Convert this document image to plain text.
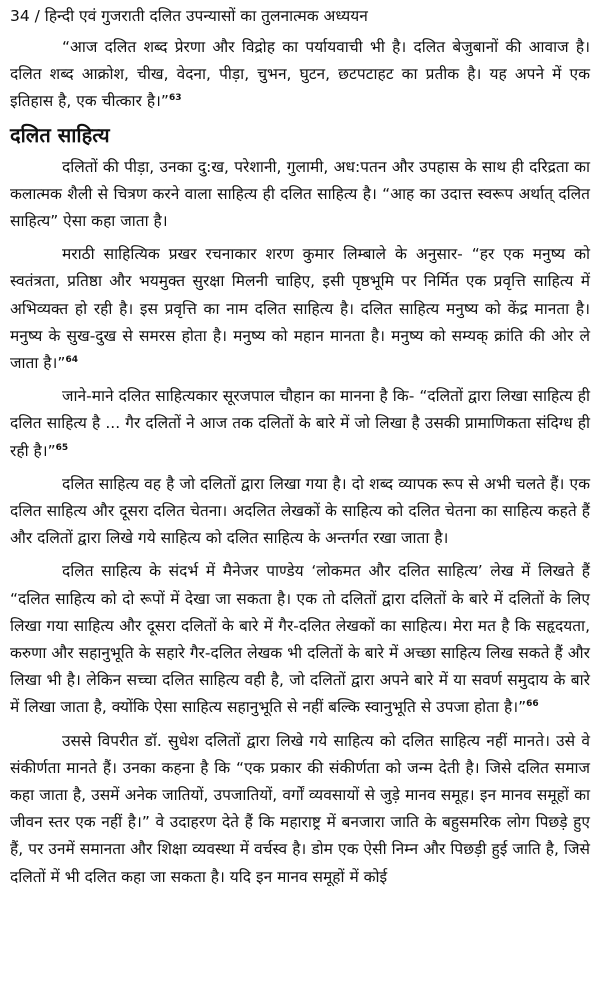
34 / हिन्दी एवं गुजराती दलित उपन्यासों का तुलनात्मक अध्ययन

“आज दलित शब्द प्रेरणा और विद्रोह का पर्यायवाची भी है। दलित बेजुबानों की आवाज है। दलित शब्द आक्रोश, चीख, वेदना, पीड़ा, चुभन, घुटन, छटपटाहट का प्रतीक है। यह अपने में एक इतिहास है, एक चीत्कार है।”$^{63}$

दलित साहित्य

दलितों की पीड़ा, उनका दु:ख, परेशानी, गुलामी, अध:पतन और उपहास के साथ ही दरिद्रता का कलात्मक शैली से चित्रण करने वाला साहित्य ही दलित साहित्य है। “आह का उदात्त स्वरूप अर्थात् दलित साहित्य” ऐसा कहा जाता है।

मराठी साहित्यिक प्रखर रचनाकार शरण कुमार लिम्बाले के अनुसार- “हर एक मनुष्य को स्वतंत्रता, प्रतिष्ठा और भयमुक्त सुरक्षा मिलनी चाहिए, इसी पृष्ठभूमि पर निर्मित एक प्रवृत्ति साहित्य में अभिव्यक्त हो रही है। इस प्रवृत्ति का नाम दलित साहित्य है। दलित साहित्य मनुष्य को केंद्र मानता है। मनुष्य के सुख-दुख से समरस होता है। मनुष्य को महान मानता है। मनुष्य को सम्यक् क्रांति की ओर ले जाता है।”$^{64}$

जाने-माने दलित साहित्यकार सूरजपाल चौहान का मानना है कि- “दलितों द्वारा लिखा साहित्य ही दलित साहित्य है ... गैर दलितों ने आज तक दलितों के बारे में जो लिखा है उसकी प्रामाणिकता संदिग्ध ही रही है।”$^{65}$

दलित साहित्य वह है जो दलितों द्वारा लिखा गया है। दो शब्द व्यापक रूप से अभी चलते हैं। एक दलित साहित्य और दूसरा दलित चेतना। अदलित लेखकों के साहित्य को दलित चेतना का साहित्य कहते हैं और दलितों द्वारा लिखे गये साहित्य को दलित साहित्य के अन्तर्गत रखा जाता है।

दलित साहित्य के संदर्भ में मैनेजर पाण्डेय ‘लोकमत और दलित साहित्य’ लेख में लिखते हैं “दलित साहित्य को दो रूपों में देखा जा सकता है। एक तो दलितों द्वारा दलितों के बारे में दलितों के लिए लिखा गया साहित्य और दूसरा दलितों के बारे में गैर-दलित लेखकों का साहित्य। मेरा मत है कि सहृदयता, करुणा और सहानुभूति के सहारे गैर-दलित लेखक भी दलितों के बारे में अच्छा साहित्य लिख सकते हैं और लिखा भी है। लेकिन सच्चा दलित साहित्य वही है, जो दलितों द्वारा अपने बारे में या सवर्ण समुदाय के बारे में लिखा जाता है, क्योंकि ऐसा साहित्य सहानुभूति से नहीं बल्कि स्वानुभूति से उपजा होता है।”$^{66}$

उससे विपरीत डॉ. सुधेश दलितों द्वारा लिखे गये साहित्य को दलित साहित्य नहीं मानते। उसे वे संकीर्णता मानते हैं। उनका कहना है कि “एक प्रकार की संकीर्णता को जन्म देती है। जिसे दलित समाज कहा जाता है, उसमें अनेक जातियों, उपजातियों, वर्गों व्यवसायों से जुड़े मानव समूह। इन मानव समूहों का जीवन स्तर एक नहीं है।” वे उदाहरण देते हैं कि महाराष्ट्र में बनजारा जाति के बहुसमरिक लोग पिछड़े हुए हैं, पर उनमें समानता और शिक्षा व्यवस्था में वर्चस्व है। डोम एक ऐसी निम्न और पिछड़ी हुई जाति है, जिसे दलितों में भी दलित कहा जा सकता है। यदि इन मानव समूहों में कोई
